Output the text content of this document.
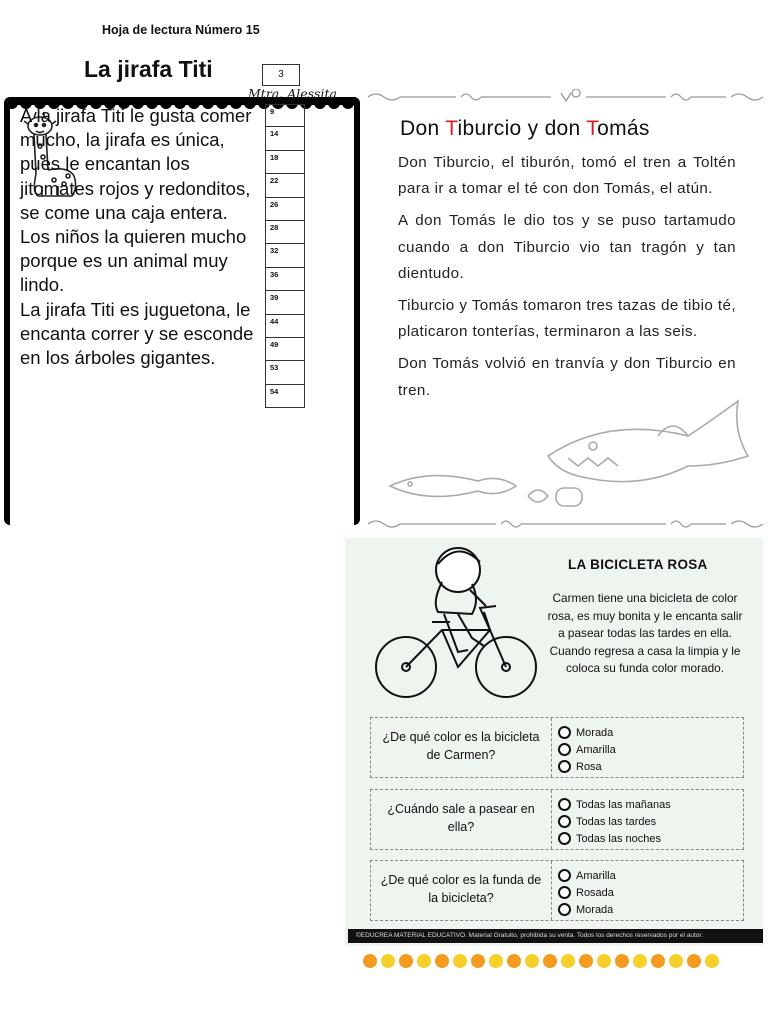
Hoja de lectura Número 15
La jirafa Titi	3
Mtra. Alessita

A la jirafa Titi le gusta comer mucho, la jirafa es única, pues le encantan los jitomates rojos y redonditos, se come una caja entera.

Los niños la quieren mucho porque es un animal muy lindo.

La jirafa Titi es juguetona, le encanta correr y se esconde en los árboles gigantes.

9
14
18
22
26
28
32
36
39
44
49
53
54
Don Tiburcio y don Tomás

Don Tiburcio, el tiburón, tomó el tren a Toltén para ir a tomar el té con don Tomás, el atún.

A don Tomás le dio tos y se puso tartamudo cuando a don Tiburcio vio tan tragón y tan dientudo.

Tiburcio y Tomás tomaron tres tazas de tibio té, platicaron tonterías, terminaron a las seis.

Don Tomás volvió en tranvía y don Tiburcio en tren.

LA BICICLETA ROSA
Carmen tiene una bicicleta de color rosa, es muy bonita y le encanta salir a pasear todas las tardes en ella. Cuando regresa a casa la limpia y le coloca su funda color morado.
¿De qué color es la bicicleta de Carmen?
Morada
Amarilla
Rosa
¿Cuándo sale a pasear en ella?
Todas las mañanas
Todas las tardes
Todas las noches
¿De qué color es la funda de la bicicleta?
Amarilla
Rosada
Morada
©EDUCREA MATERIAL EDUCATIVO. Material Gratuito, prohibida su venta. Todos los derechos reservados por el autor.
